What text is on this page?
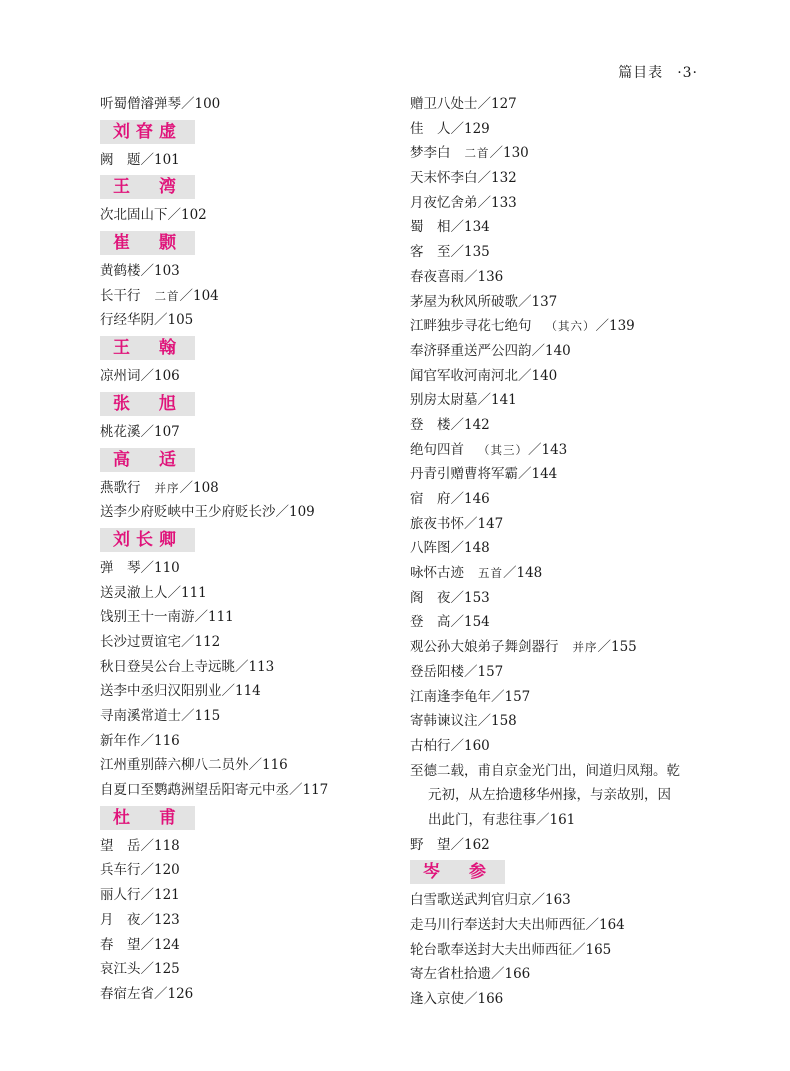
篇目表 ·3·
听蜀僧濬弹琴／100
刘眘虚
阙　题／101
王　湾
次北固山下／102
崔　颢
黄鹤楼／103
长干行 二首／104
行经华阴／105
王　翰
凉州词／106
张　旭
桃花溪／107
高　适
燕歌行 并序／108
送李少府贬峡中王少府贬长沙／109
刘长卿
弹　琴／110
送灵澈上人／111
饯别王十一南游／111
长沙过贾谊宅／112
秋日登吴公台上寺远眺／113
送李中丞归汉阳别业／114
寻南溪常道士／115
新年作／116
江州重别薛六柳八二员外／116
自夏口至鹦鹉洲望岳阳寄元中丞／117
杜　甫
望　岳／118
兵车行／120
丽人行／121
月　夜／123
春　望／124
哀江头／125
春宿左省／126
赠卫八处士／127
佳　人／129
梦李白 二首／130
天末怀李白／132
月夜忆舍弟／133
蜀　相／134
客　至／135
春夜喜雨／136
茅屋为秋风所破歌／137
江畔独步寻花七绝句 （其六）／139
奉济驿重送严公四韵／140
闻官军收河南河北／140
别房太尉墓／141
登　楼／142
绝句四首 （其三）／143
丹青引赠曹将军霸／144
宿　府／146
旅夜书怀／147
八阵图／148
咏怀古迹 五首／148
阁　夜／153
登　高／154
观公孙大娘弟子舞剑器行 并序／155
登岳阳楼／157
江南逢李龟年／157
寄韩谏议注／158
古柏行／160
至德二载，甫自京金光门出，间道归凤翔。乾
元初，从左拾遗移华州掾，与亲故别，因
出此门，有悲往事／161
野　望／162
岑　参
白雪歌送武判官归京／163
走马川行奉送封大夫出师西征／164
轮台歌奉送封大夫出师西征／165
寄左省杜拾遗／166
逢入京使／166
